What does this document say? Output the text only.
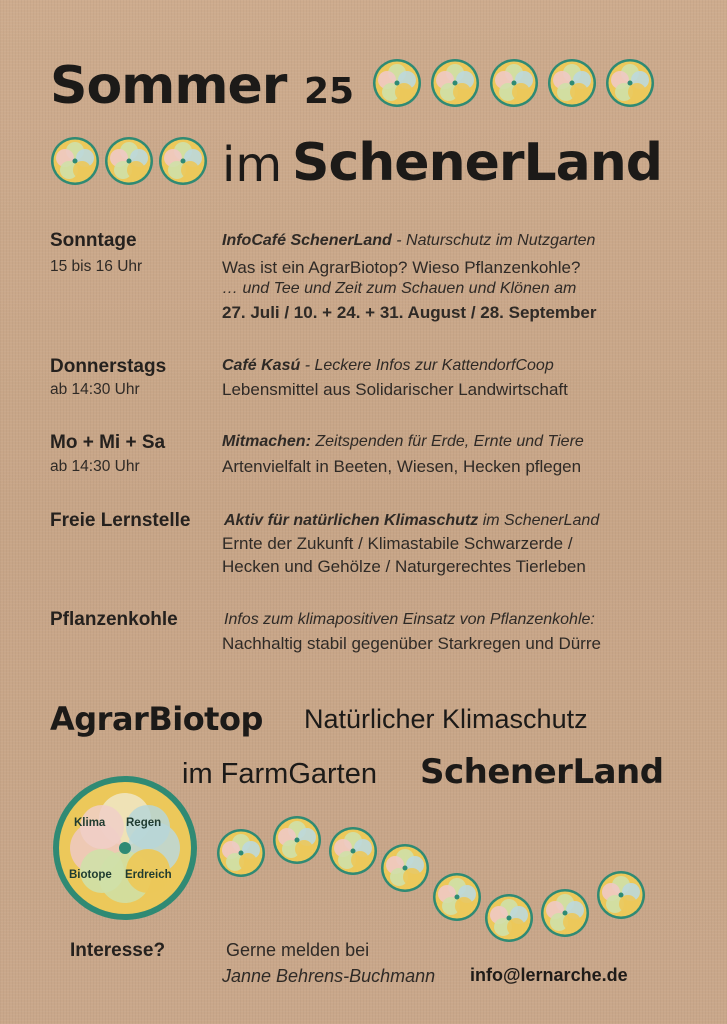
Sommer 25
im SchenerLand
Sonntage
15 bis 16 Uhr
InfoCafé SchenerLand - Naturschutz im Nutzgarten
Was ist ein AgrarBiotop? Wieso Pflanzenkohle?
… und Tee und Zeit zum Schauen und Klönen am
27. Juli / 10. + 24. + 31. August / 28. September
Donnerstags
ab 14:30 Uhr
Café Kasú - Leckere Infos zur KattendorfCoop
Lebensmittel aus Solidarischer Landwirtschaft
Mo + Mi + Sa
ab 14:30 Uhr
Mitmachen: Zeitspenden für Erde, Ernte und Tiere
Artenvielfalt in Beeten, Wiesen, Hecken pflegen
Freie Lernstelle Aktiv für natürlichen Klimaschutz im SchenerLand
Ernte der Zukunft / Klimastabile Schwarzerde /
Hecken und Gehölze / Naturgerechtes Tierleben
Pflanzenkohle	Infos zum klimapositiven Einsatz von Pflanzenkohle:
Nachhaltig stabil gegenüber Starkregen und Dürre
AgrarBiotop Natürlicher Klimaschutz
im FarmGarten SchenerLand
Klima Regen
Biotope Erdreich
Interesse?	Gerne melden bei
Janne Behrens-Buchmann info@lernarche.de
